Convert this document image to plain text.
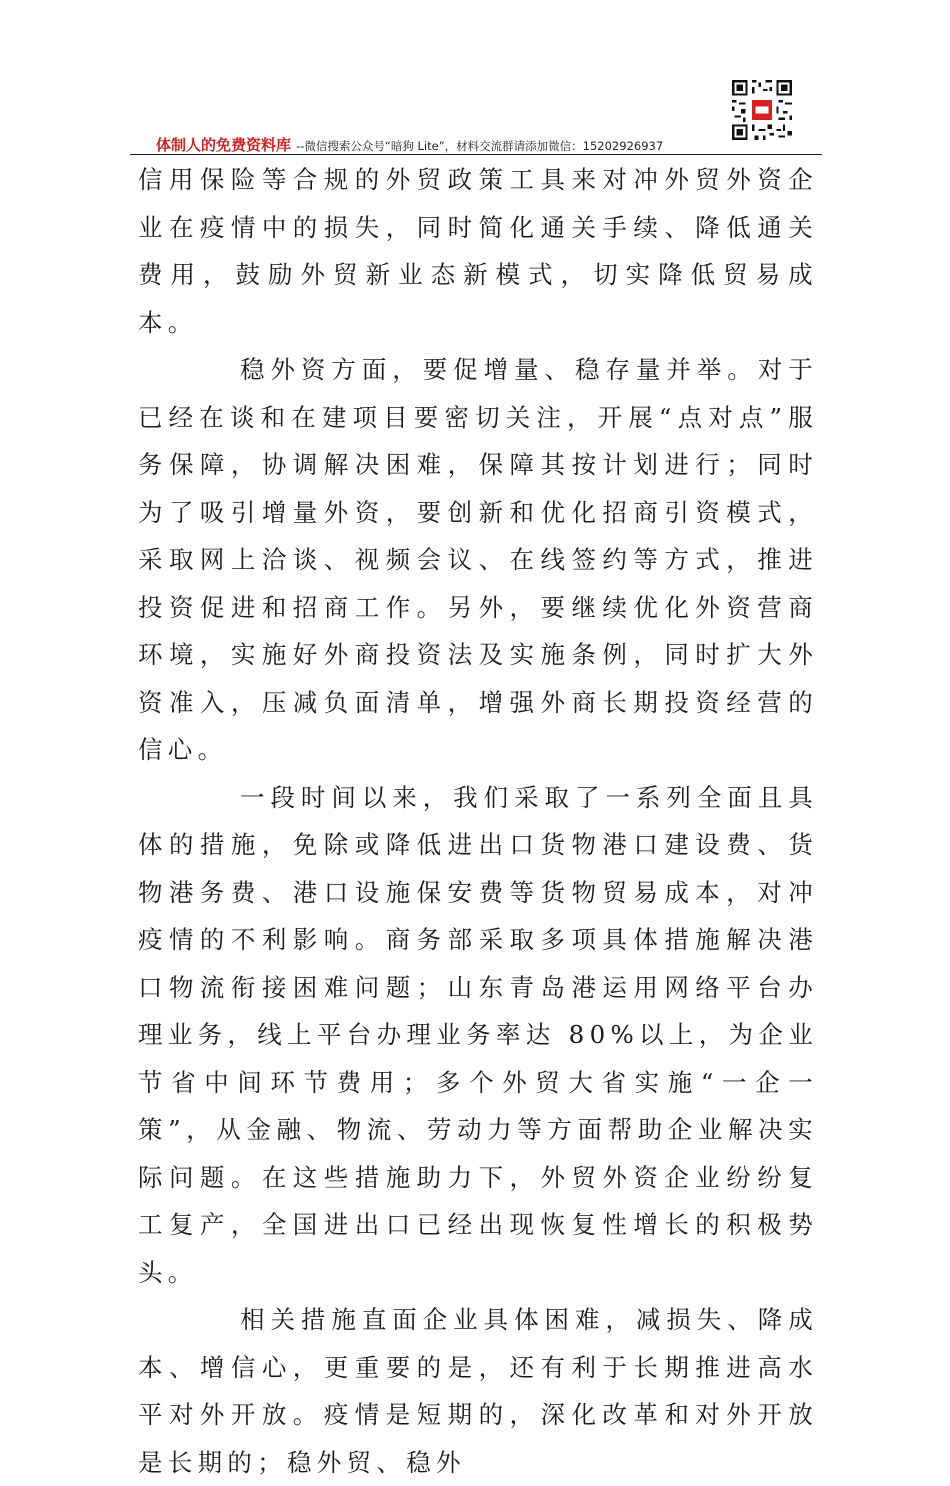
体制人的免费资料库 --微信搜索公众号“暗狗 Lite”，材料交流群请添加微信：15202926937

信用保险等合规的外贸政策工具来对冲外贸外资企业在疫情中的损失，同时简化通关手续、降低通关费用，鼓励外贸新业态新模式，切实降低贸易成本。

稳外资方面，要促增量、稳存量并举。对于已经在谈和在建项目要密切关注，开展“点对点”服务保障，协调解决困难，保障其按计划进行；同时为了吸引增量外资，要创新和优化招商引资模式，采取网上洽谈、视频会议、在线签约等方式，推进投资促进和招商工作。另外，要继续优化外资营商环境，实施好外商投资法及实施条例，同时扩大外资准入，压减负面清单，增强外商长期投资经营的信心。

一段时间以来，我们采取了一系列全面且具体的措施，免除或降低进出口货物港口建设费、货物港务费、港口设施保安费等货物贸易成本，对冲疫情的不利影响。商务部采取多项具体措施解决港口物流衔接困难问题；山东青岛港运用网络平台办理业务，线上平台办理业务率达 80%以上，为企业节省中间环节费用；多个外贸大省实施“一企一策”，从金融、物流、劳动力等方面帮助企业解决实际问题。在这些措施助力下，外贸外资企业纷纷复工复产，全国进出口已经出现恢复性增长的积极势头。

相关措施直面企业具体困难，减损失、降成本、增信心，更重要的是，还有利于长期推进高水平对外开放。疫情是短期的，深化改革和对外开放是长期的；稳外贸、稳外
